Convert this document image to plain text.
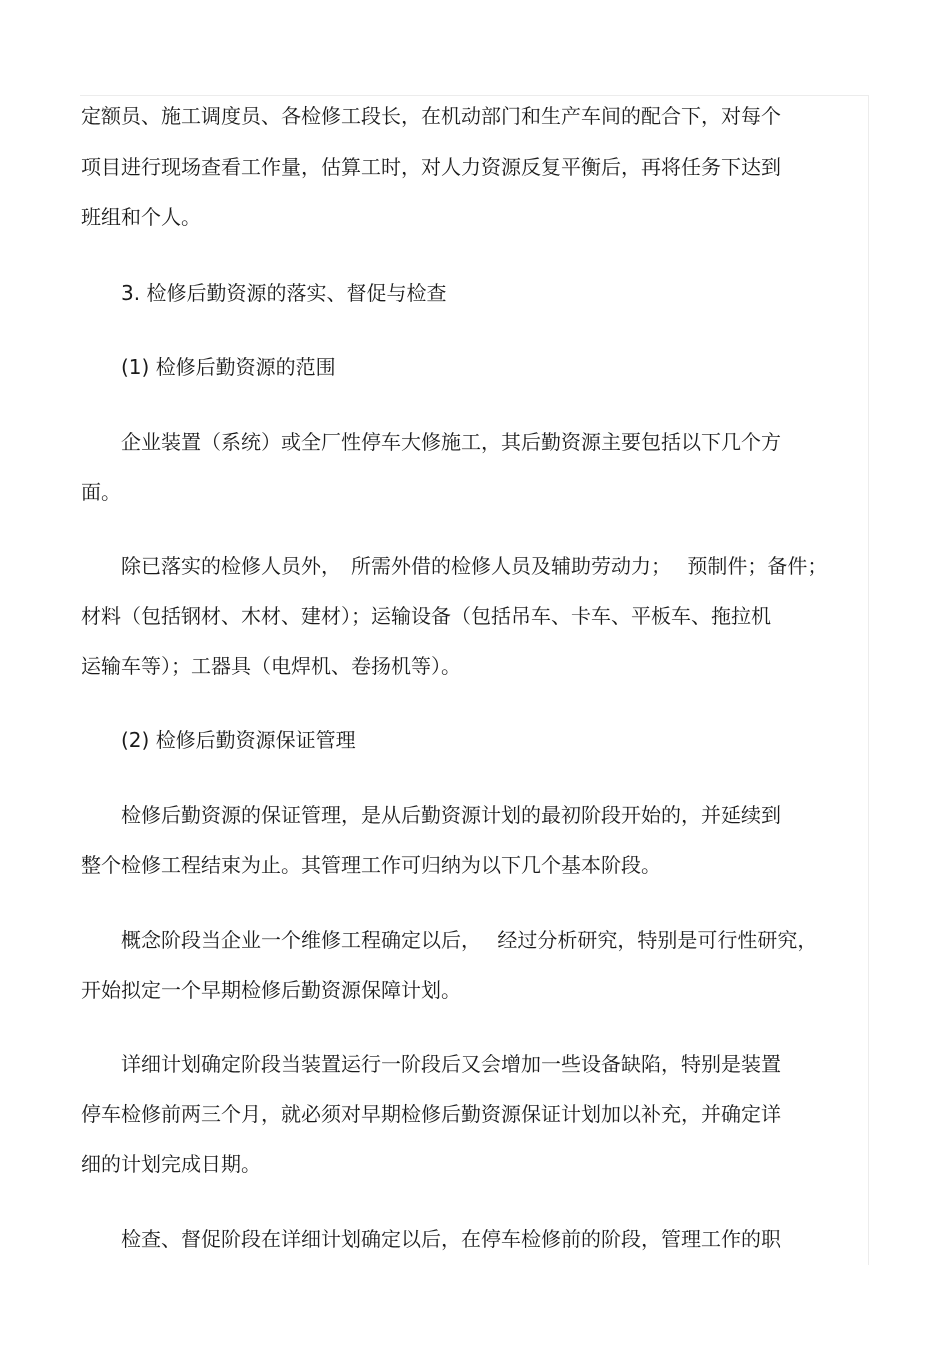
定额员、施工调度员、各检修工段长，在机动部门和生产车间的配合下，对每个
项目进行现场查看工作量，估算工时，对人力资源反复平衡后，再将任务下达到
班组和个人。
3. 检修后勤资源的落实、督促与检查
(1) 检修后勤资源的范围
企业装置（系统）或全厂性停车大修施工，其后勤资源主要包括以下几个方
面。
除已落实的检修人员外，　所需外借的检修人员及辅助劳动力；　 预制件；备件；
材料（包括钢材、木材、建材）；运输设备（包括吊车、卡车、平板车、拖拉机
运输车等）；工器具（电焊机、卷扬机等）。
(2) 检修后勤资源保证管理
检修后勤资源的保证管理，是从后勤资源计划的最初阶段开始的，并延续到
整个检修工程结束为止。其管理工作可归纳为以下几个基本阶段。
概念阶段当企业一个维修工程确定以后，　 经过分析研究，特别是可行性研究，
开始拟定一个早期检修后勤资源保障计划。
详细计划确定阶段当装置运行一阶段后又会增加一些设备缺陷，特别是装置
停车检修前两三个月，就必须对早期检修后勤资源保证计划加以补充，并确定详
细的计划完成日期。
检查、督促阶段在详细计划确定以后，在停车检修前的阶段，管理工作的职
